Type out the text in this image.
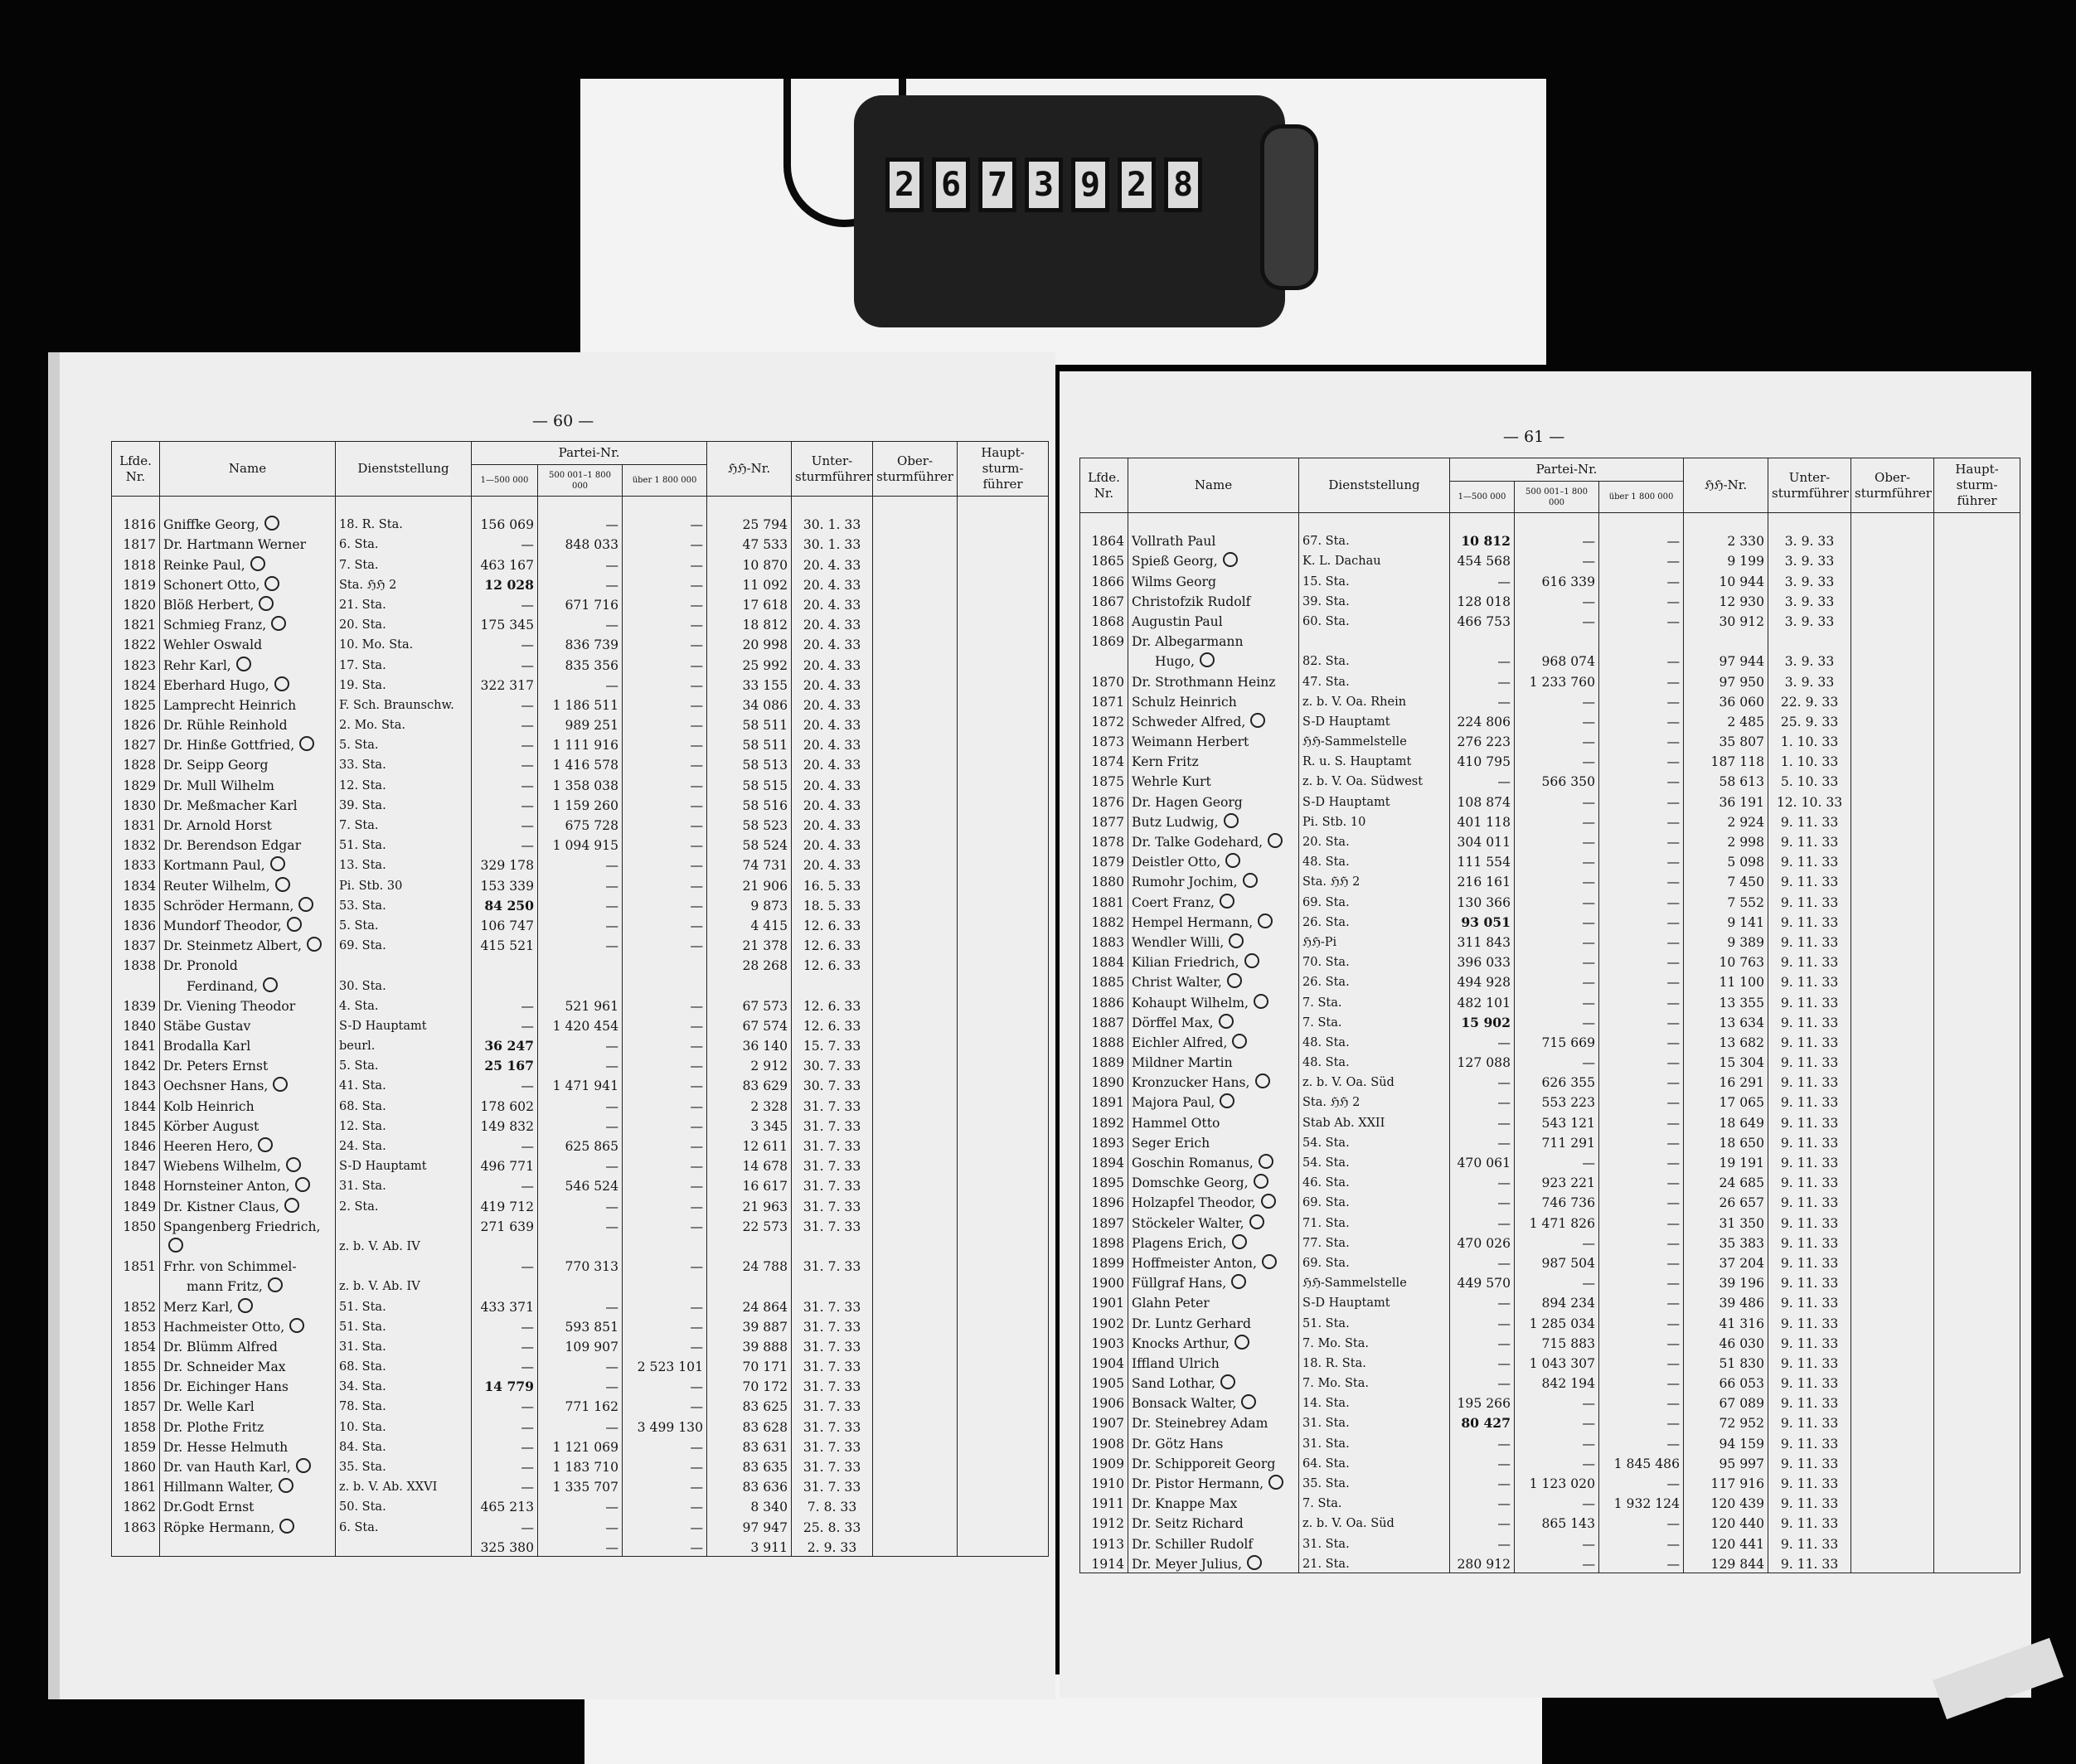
2 6 7 3 9 2 8
— 60 —
Lfde.
Nr.	Name	Dienststellung	Partei-Nr.			ℌℌ-Nr.	Unter-
sturmführer	Ober-
sturmführer	Haupt-
sturm-
führer
			1—500 000	500 001–1 800 000	über 1 800 000				

1816	Gniffke Georg,	18. R. Sta.	156 069	—	—	25 794	30. 1. 33		
1817	Dr. Hartmann Werner	6. Sta.	—	848 033	—	47 533	30. 1. 33		
1818	Reinke Paul,	7. Sta.	463 167	—	—	10 870	20. 4. 33		
1819	Schonert Otto,	Sta. ℌℌ 2	12 028	—	—	11 092	20. 4. 33		
1820	Blöß Herbert,	21. Sta.	—	671 716	—	17 618	20. 4. 33		
1821	Schmieg Franz,	20. Sta.	175 345	—	—	18 812	20. 4. 33		
1822	Wehler Oswald	10. Mo. Sta.	—	836 739	—	20 998	20. 4. 33		
1823	Rehr Karl,	17. Sta.	—	835 356	—	25 992	20. 4. 33		
1824	Eberhard Hugo,	19. Sta.	322 317	—	—	33 155	20. 4. 33		
1825	Lamprecht Heinrich	F. Sch. Braunschw.	—	1 186 511	—	34 086	20. 4. 33		
1826	Dr. Rühle Reinhold	2. Mo. Sta.	—	989 251	—	58 511	20. 4. 33		
1827	Dr. Hinße Gottfried,	5. Sta.	—	1 111 916	—	58 511	20. 4. 33		
1828	Dr. Seipp Georg	33. Sta.	—	1 416 578	—	58 513	20. 4. 33		
1829	Dr. Mull Wilhelm	12. Sta.	—	1 358 038	—	58 515	20. 4. 33		
1830	Dr. Meßmacher Karl	39. Sta.	—	1 159 260	—	58 516	20. 4. 33		
1831	Dr. Arnold Horst	7. Sta.	—	675 728	—	58 523	20. 4. 33		
1832	Dr. Berendson Edgar	51. Sta.	—	1 094 915	—	58 524	20. 4. 33		
1833	Kortmann Paul,	13. Sta.	329 178	—	—	74 731	20. 4. 33		
1834	Reuter Wilhelm,	Pi. Stb. 30	153 339	—	—	21 906	16. 5. 33		
1835	Schröder Hermann,	53. Sta.	84 250	—	—	9 873	18. 5. 33		
1836	Mundorf Theodor,	5. Sta.	106 747	—	—	4 415	12. 6. 33		
1837	Dr. Steinmetz Albert,	69. Sta.	415 521	—	—	21 378	12. 6. 33		
1838	Dr. Pronold					28 268	12. 6. 33		
	Ferdinand,	30. Sta.							
1839	Dr. Viening Theodor	4. Sta.	—	521 961	—	67 573	12. 6. 33		
1840	Stäbe Gustav	S-D Hauptamt	—	1 420 454	—	67 574	12. 6. 33		
1841	Brodalla Karl	beurl.	36 247	—	—	36 140	15. 7. 33		
1842	Dr. Peters Ernst	5. Sta.	25 167	—	—	2 912	30. 7. 33		
1843	Oechsner Hans,	41. Sta.	—	1 471 941	—	83 629	30. 7. 33		
1844	Kolb Heinrich	68. Sta.	178 602	—	—	2 328	31. 7. 33		
1845	Körber August	12. Sta.	149 832	—	—	3 345	31. 7. 33		
1846	Heeren Hero,	24. Sta.	—	625 865	—	12 611	31. 7. 33		
1847	Wiebens Wilhelm,	S-D Hauptamt	496 771	—	—	14 678	31. 7. 33		
1848	Hornsteiner Anton,	31. Sta.	—	546 524	—	16 617	31. 7. 33		
1849	Dr. Kistner Claus,	2. Sta.	419 712	—	—	21 963	31. 7. 33		
1850	Spangenberg Friedrich,		271 639	—	—	22 573	31. 7. 33		
		z. b. V. Ab. IV							
1851	Frhr. von Schimmel-		—	770 313	—	24 788	31. 7. 33		
	mann Fritz,	z. b. V. Ab. IV							
1852	Merz Karl,	51. Sta.	433 371	—	—	24 864	31. 7. 33		
1853	Hachmeister Otto,	51. Sta.	—	593 851	—	39 887	31. 7. 33		
1854	Dr. Blümm Alfred	31. Sta.	—	109 907	—	39 888	31. 7. 33		
1855	Dr. Schneider Max	68. Sta.	—	—	2 523 101	70 171	31. 7. 33		
1856	Dr. Eichinger Hans	34. Sta.	14 779	—	—	70 172	31. 7. 33		
1857	Dr. Welle Karl	78. Sta.	—	771 162	—	83 625	31. 7. 33		
1858	Dr. Plothe Fritz	10. Sta.	—	—	3 499 130	83 628	31. 7. 33		
1859	Dr. Hesse Helmuth	84. Sta.	—	1 121 069	—	83 631	31. 7. 33		
1860	Dr. van Hauth Karl,	35. Sta.	—	1 183 710	—	83 635	31. 7. 33		
1861	Hillmann Walter,	z. b. V. Ab. XXVI	—	1 335 707	—	83 636	31. 7. 33		
1862	Dr.Godt Ernst	50. Sta.	465 213	—	—	8 340	7. 8. 33		
1863	Röpke Hermann,	6. Sta.	—	—	—	97 947	25. 8. 33		
			325 380	—	—	3 911	2. 9. 33		
— 61 —
Lfde.
Nr.	Name	Dienststellung	Partei-Nr.			ℌℌ-Nr.	Unter-
sturmführer	Ober-
sturmführer	Haupt-
sturm-
führer
			1—500 000	500 001–1 800 000	über 1 800 000				

1864	Vollrath Paul	67. Sta.	10 812	—	—	2 330	3. 9. 33		
1865	Spieß Georg,	K. L. Dachau	454 568	—	—	9 199	3. 9. 33		
1866	Wilms Georg	15. Sta.	—	616 339	—	10 944	3. 9. 33		
1867	Christofzik Rudolf	39. Sta.	128 018	—	—	12 930	3. 9. 33		
1868	Augustin Paul	60. Sta.	466 753	—	—	30 912	3. 9. 33		
1869	Dr. Albegarmann								
	Hugo,	82. Sta.	—	968 074	—	97 944	3. 9. 33		
1870	Dr. Strothmann Heinz	47. Sta.	—	1 233 760	—	97 950	3. 9. 33		
1871	Schulz Heinrich	z. b. V. Oa. Rhein	—	—	—	36 060	22. 9. 33		
1872	Schweder Alfred,	S-D Hauptamt	224 806	—	—	2 485	25. 9. 33		
1873	Weimann Herbert	ℌℌ-Sammelstelle	276 223	—	—	35 807	1. 10. 33		
1874	Kern Fritz	R. u. S. Hauptamt	410 795	—	—	187 118	1. 10. 33		
1875	Wehrle Kurt	z. b. V. Oa. Südwest	—	566 350	—	58 613	5. 10. 33		
1876	Dr. Hagen Georg	S-D Hauptamt	108 874	—	—	36 191	12. 10. 33		
1877	Butz Ludwig,	Pi. Stb. 10	401 118	—	—	2 924	9. 11. 33		
1878	Dr. Talke Godehard,	20. Sta.	304 011	—	—	2 998	9. 11. 33		
1879	Deistler Otto,	48. Sta.	111 554	—	—	5 098	9. 11. 33		
1880	Rumohr Jochim,	Sta. ℌℌ 2	216 161	—	—	7 450	9. 11. 33		
1881	Coert Franz,	69. Sta.	130 366	—	—	7 552	9. 11. 33		
1882	Hempel Hermann,	26. Sta.	93 051	—	—	9 141	9. 11. 33		
1883	Wendler Willi,	ℌℌ-Pi	311 843	—	—	9 389	9. 11. 33		
1884	Kilian Friedrich,	70. Sta.	396 033	—	—	10 763	9. 11. 33		
1885	Christ Walter,	26. Sta.	494 928	—	—	11 100	9. 11. 33		
1886	Kohaupt Wilhelm,	7. Sta.	482 101	—	—	13 355	9. 11. 33		
1887	Dörffel Max,	7. Sta.	15 902	—	—	13 634	9. 11. 33		
1888	Eichler Alfred,	48. Sta.	—	715 669	—	13 682	9. 11. 33		
1889	Mildner Martin	48. Sta.	127 088	—	—	15 304	9. 11. 33		
1890	Kronzucker Hans,	z. b. V. Oa. Süd	—	626 355	—	16 291	9. 11. 33		
1891	Majora Paul,	Sta. ℌℌ 2	—	553 223	—	17 065	9. 11. 33		
1892	Hammel Otto	Stab Ab. XXII	—	543 121	—	18 649	9. 11. 33		
1893	Seger Erich	54. Sta.	—	711 291	—	18 650	9. 11. 33		
1894	Goschin Romanus,	54. Sta.	470 061	—	—	19 191	9. 11. 33		
1895	Domschke Georg,	46. Sta.	—	923 221	—	24 685	9. 11. 33		
1896	Holzapfel Theodor,	69. Sta.	—	746 736	—	26 657	9. 11. 33		
1897	Stöckeler Walter,	71. Sta.	—	1 471 826	—	31 350	9. 11. 33		
1898	Plagens Erich,	77. Sta.	470 026	—	—	35 383	9. 11. 33		
1899	Hoffmeister Anton,	69. Sta.	—	987 504	—	37 204	9. 11. 33		
1900	Füllgraf Hans,	ℌℌ-Sammelstelle	449 570	—	—	39 196	9. 11. 33		
1901	Glahn Peter	S-D Hauptamt	—	894 234	—	39 486	9. 11. 33		
1902	Dr. Luntz Gerhard	51. Sta.	—	1 285 034	—	41 316	9. 11. 33		
1903	Knocks Arthur,	7. Mo. Sta.	—	715 883	—	46 030	9. 11. 33		
1904	Iffland Ulrich	18. R. Sta.	—	1 043 307	—	51 830	9. 11. 33		
1905	Sand Lothar,	7. Mo. Sta.	—	842 194	—	66 053	9. 11. 33		
1906	Bonsack Walter,	14. Sta.	195 266	—	—	67 089	9. 11. 33		
1907	Dr. Steinebrey Adam	31. Sta.	80 427	—	—	72 952	9. 11. 33		
1908	Dr. Götz Hans	31. Sta.	—	—	—	94 159	9. 11. 33		
1909	Dr. Schipporeit Georg	64. Sta.	—	—	1 845 486	95 997	9. 11. 33		
1910	Dr. Pistor Hermann,	35. Sta.	—	1 123 020	—	117 916	9. 11. 33		
1911	Dr. Knappe Max	7. Sta.	—	—	1 932 124	120 439	9. 11. 33		
1912	Dr. Seitz Richard	z. b. V. Oa. Süd	—	865 143	—	120 440	9. 11. 33		
1913	Dr. Schiller Rudolf	31. Sta.	—	—	—	120 441	9. 11. 33		
1914	Dr. Meyer Julius,	21. Sta.	280 912	—	—	129 844	9. 11. 33		
